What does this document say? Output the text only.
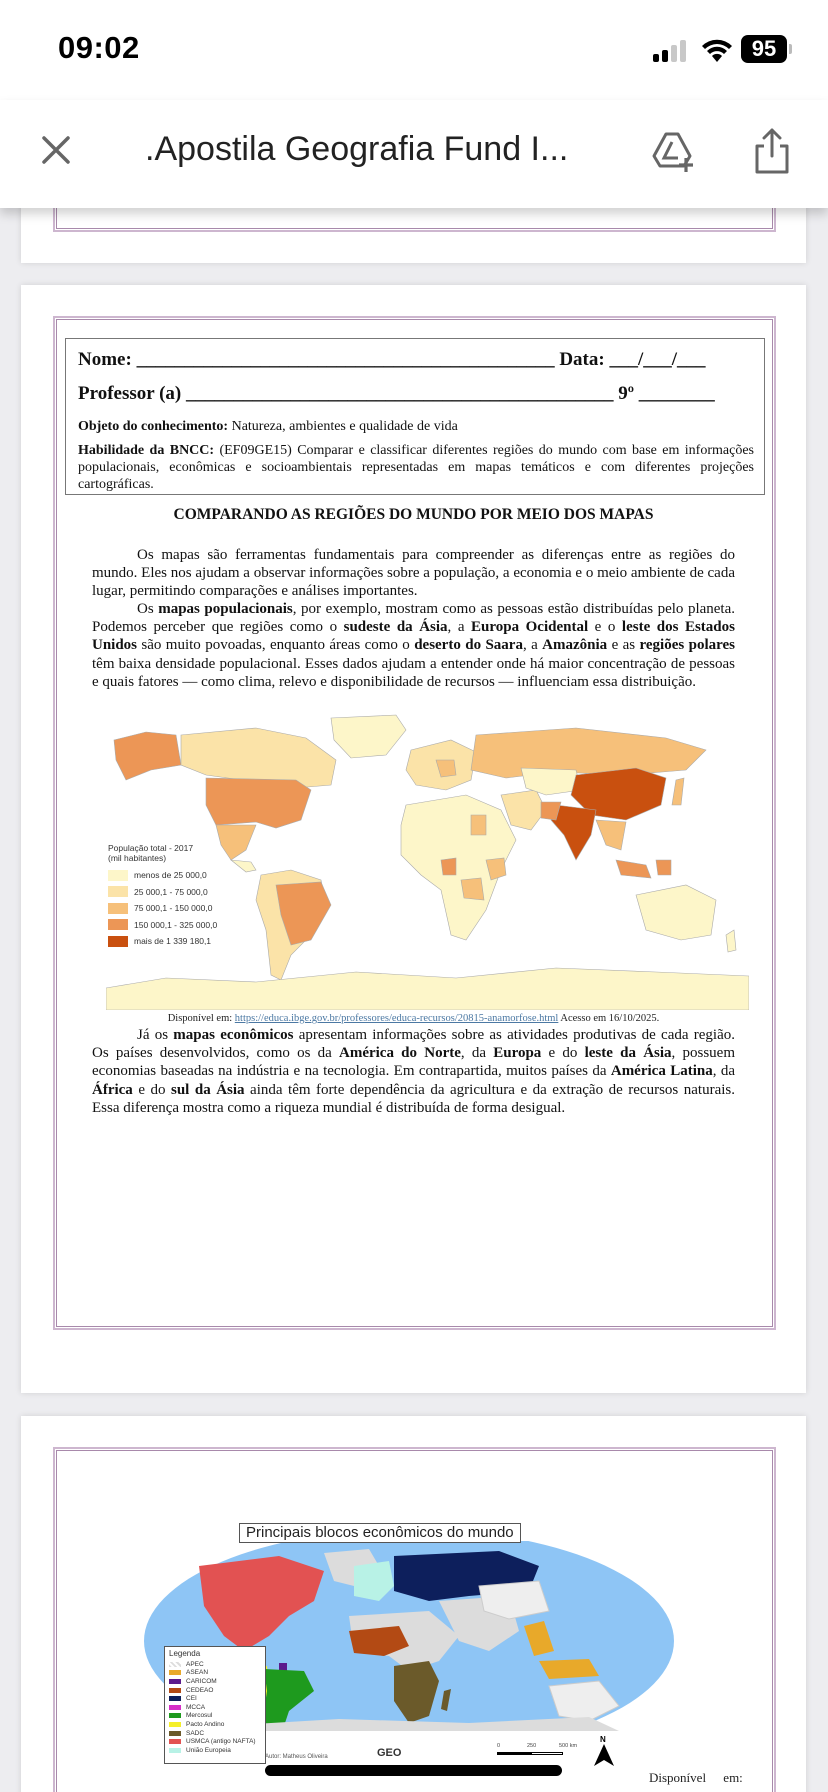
09:02	95
.Apostila Geografia Fund I...
Nome: ____________________________________________ Data: ___/___/___
Professor (a) _____________________________________________ 9º ________
Objeto do conhecimento: Natureza, ambientes e qualidade de vida
Habilidade da BNCC: (EF09GE15) Comparar e classificar diferentes regiões do mundo com base em informações populacionais, econômicas e socioambientais representadas em mapas temáticos e com diferentes projeções cartográficas.
COMPARANDO AS REGIÕES DO MUNDO POR MEIO DOS MAPAS
Os mapas são ferramentas fundamentais para compreender as diferenças entre as regiões do mundo. Eles nos ajudam a observar informações sobre a população, a economia e o meio ambiente de cada lugar, permitindo comparações e análises importantes.
Os mapas populacionais, por exemplo, mostram como as pessoas estão distribuídas pelo planeta. Podemos perceber que regiões como o sudeste da Ásia, a Europa Ocidental e o leste dos Estados Unidos são muito povoadas, enquanto áreas como o deserto do Saara, a Amazônia e as regiões polares têm baixa densidade populacional. Esses dados ajudam a entender onde há maior concentração de pessoas e quais fatores — como clima, relevo e disponibilidade de recursos — influenciam essa distribuição.
População total - 2017
(mil habitantes)
menos de 25 000,0
25 000,1 - 75 000,0
75 000,1 - 150 000,0
150 000,1 - 325 000,0
mais de 1 339 180,1
Disponível em: https://educa.ibge.gov.br/professores/educa-recursos/20815-anamorfose.html Acesso em 16/10/2025.
Já os mapas econômicos apresentam informações sobre as atividades produtivas de cada região. Os países desenvolvidos, como os da América do Norte, da Europa e do leste da Ásia, possuem economias baseadas na indústria e na tecnologia. Em contrapartida, muitos países da América Latina, da África e do sul da Ásia ainda têm forte dependência da agricultura e da extração de recursos naturais. Essa diferença mostra como a riqueza mundial é distribuída de forma desigual.
Principais blocos econômicos do mundo
Legenda
APEC
ASEAN
CARICOM
CEDEAO
CEI
MCCA
Mercosul
Pacto Andino
SADC
USMCA (antigo NAFTA)
União Europeia
Autor: Matheus Oliveira	GEO
0	250	500 km
N
Disponível em:
